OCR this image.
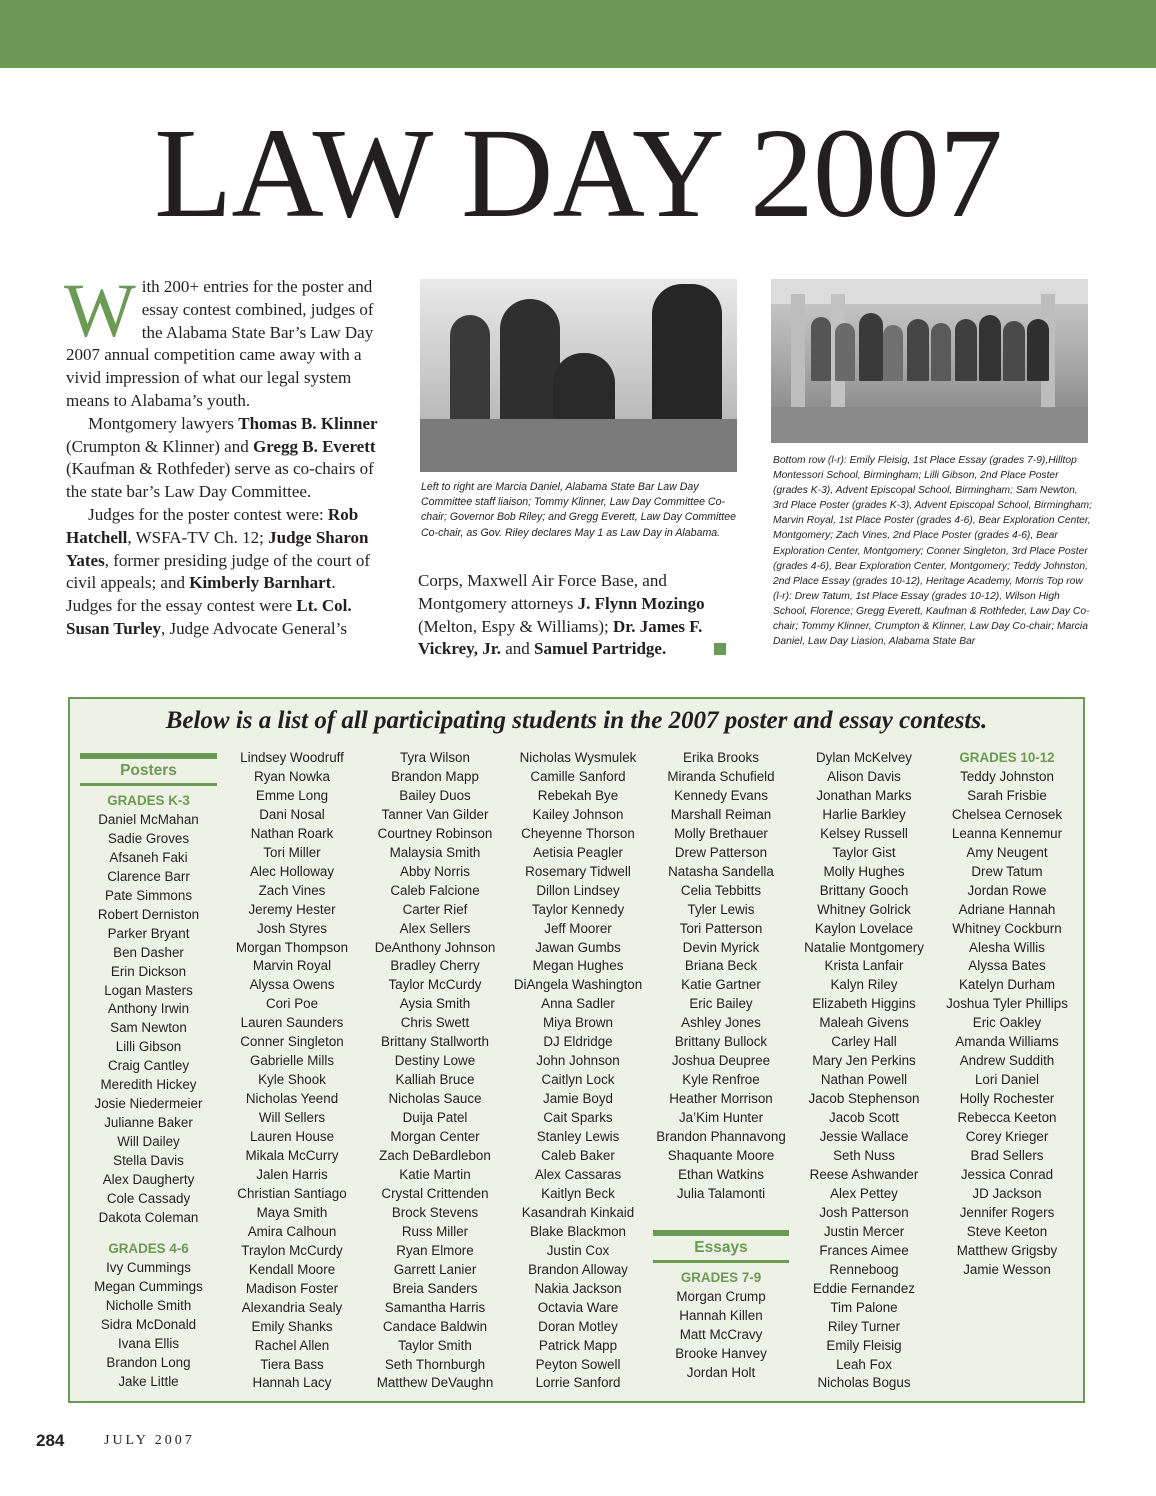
LAW DAY 2007

With 200+ entries for the poster and essay contest combined, judges of the Alabama State Bar’s Law Day 2007 annual competition came away with a vivid impression of what our legal system means to Alabama’s youth.

Montgomery lawyers Thomas B. Klinner (Crumpton & Klinner) and Gregg B. Everett (Kaufman & Rothfeder) serve as co-chairs of the state bar’s Law Day Committee.

Judges for the poster contest were: Rob Hatchell, WSFA-TV Ch. 12; Judge Sharon Yates, former presiding judge of the court of civil appeals; and Kimberly Barnhart. Judges for the essay contest were Lt. Col. Susan Turley, Judge Advocate General’s

Left to right are Marcia Daniel, Alabama State Bar Law Day Committee staff liaison; Tommy Klinner, Law Day Committee Co-chair; Governor Bob Riley; and Gregg Everett, Law Day Committee Co-chair, as Gov. Riley declares May 1 as Law Day in Alabama.
Bottom row (l-r): Emily Fleisig, 1st Place Essay (grades 7-9),Hilltop Montessori School, Birmingham; Lilli Gibson, 2nd Place Poster (grades K-3), Advent Episcopal School, Birmingham; Sam Newton, 3rd Place Poster (grades K-3), Advent Episcopal School, Birmingham; Marvin Royal, 1st Place Poster (grades 4-6), Bear Exploration Center, Montgomery; Zach Vines, 2nd Place Poster (grades 4-6), Bear Exploration Center, Montgomery; Conner Singleton, 3rd Place Poster (grades 4-6), Bear Exploration Center, Montgomery; Teddy Johnston, 2nd Place Essay (grades 10-12), Heritage Academy, Morris Top row (l-r): Drew Tatum, 1st Place Essay (grades 10-12), Wilson High School, Florence; Gregg Everett, Kaufman & Rothfeder, Law Day Co-chair; Tommy Klinner, Crumpton & Klinner, Law Day Co-chair; Marcia Daniel, Law Day Liasion, Alabama State Bar

Corps, Maxwell Air Force Base, and Montgomery attorneys J. Flynn Mozingo (Melton, Espy & Williams); Dr. James F. Vickrey, Jr. and Samuel Partridge.

Below is a list of all participating students in the 2007 poster and essay contests.
Posters
GRADES K-3
Daniel McMahan
Sadie Groves
Afsaneh Faki
Clarence Barr
Pate Simmons
Robert Derniston
Parker Bryant
Ben Dasher
Erin Dickson
Logan Masters
Anthony Irwin
Sam Newton
Lilli Gibson
Craig Cantley
Meredith Hickey
Josie Niedermeier
Julianne Baker
Will Dailey
Stella Davis
Alex Daugherty
Cole Cassady
Dakota Coleman
GRADES 4-6
Ivy Cummings
Megan Cummings
Nicholle Smith
Sidra McDonald
Ivana Ellis
Brandon Long
Jake Little
Lindsey Woodruff
Ryan Nowka
Emme Long
Dani Nosal
Nathan Roark
Tori Miller
Alec Holloway
Zach Vines
Jeremy Hester
Josh Styres
Morgan Thompson
Marvin Royal
Alyssa Owens
Cori Poe
Lauren Saunders
Conner Singleton
Gabrielle Mills
Kyle Shook
Nicholas Yeend
Will Sellers
Lauren House
Mikala McCurry
Jalen Harris
Christian Santiago
Maya Smith
Amira Calhoun
Traylon McCurdy
Kendall Moore
Madison Foster
Alexandria Sealy
Emily Shanks
Rachel Allen
Tiera Bass
Hannah Lacy
Tyra Wilson
Brandon Mapp
Bailey Duos
Tanner Van Gilder
Courtney Robinson
Malaysia Smith
Abby Norris
Caleb Falcione
Carter Rief
Alex Sellers
DeAnthony Johnson
Bradley Cherry
Taylor McCurdy
Aysia Smith
Chris Swett
Brittany Stallworth
Destiny Lowe
Kalliah Bruce
Nicholas Sauce
Duija Patel
Morgan Center
Zach DeBardlebon
Katie Martin
Crystal Crittenden
Brock Stevens
Russ Miller
Ryan Elmore
Garrett Lanier
Breia Sanders
Samantha Harris
Candace Baldwin
Taylor Smith
Seth Thornburgh
Matthew DeVaughn
Nicholas Wysmulek
Camille Sanford
Rebekah Bye
Kailey Johnson
Cheyenne Thorson
Aetisia Peagler
Rosemary Tidwell
Dillon Lindsey
Taylor Kennedy
Jeff Moorer
Jawan Gumbs
Megan Hughes
DiAngela Washington
Anna Sadler
Miya Brown
DJ Eldridge
John Johnson
Caitlyn Lock
Jamie Boyd
Cait Sparks
Stanley Lewis
Caleb Baker
Alex Cassaras
Kaitlyn Beck
Kasandrah Kinkaid
Blake Blackmon
Justin Cox
Brandon Alloway
Nakia Jackson
Octavia Ware
Doran Motley
Patrick Mapp
Peyton Sowell
Lorrie Sanford
Erika Brooks
Miranda Schufield
Kennedy Evans
Marshall Reiman
Molly Brethauer
Drew Patterson
Natasha Sandella
Celia Tebbitts
Tyler Lewis
Tori Patterson
Devin Myrick
Briana Beck
Katie Gartner
Eric Bailey
Ashley Jones
Brittany Bullock
Joshua Deupree
Kyle Renfroe
Heather Morrison
Ja’Kim Hunter
Brandon Phannavong
Shaquante Moore
Ethan Watkins
Julia Talamonti
Essays
GRADES 7-9
Morgan Crump
Hannah Killen
Matt McCravy
Brooke Hanvey
Jordan Holt
Dylan McKelvey
Alison Davis
Jonathan Marks
Harlie Barkley
Kelsey Russell
Taylor Gist
Molly Hughes
Brittany Gooch
Whitney Golrick
Kaylon Lovelace
Natalie Montgomery
Krista Lanfair
Kalyn Riley
Elizabeth Higgins
Maleah Givens
Carley Hall
Mary Jen Perkins
Nathan Powell
Jacob Stephenson
Jacob Scott
Jessie Wallace
Seth Nuss
Reese Ashwander
Alex Pettey
Josh Patterson
Justin Mercer
Frances Aimee
Renneboog
Eddie Fernandez
Tim Palone
Riley Turner
Emily Fleisig
Leah Fox
Nicholas Bogus
GRADES 10-12
Teddy Johnston
Sarah Frisbie
Chelsea Cernosek
Leanna Kennemur
Amy Neugent
Drew Tatum
Jordan Rowe
Adriane Hannah
Whitney Cockburn
Alesha Willis
Alyssa Bates
Katelyn Durham
Joshua Tyler Phillips
Eric Oakley
Amanda Williams
Andrew Suddith
Lori Daniel
Holly Rochester
Rebecca Keeton
Corey Krieger
Brad Sellers
Jessica Conrad
JD Jackson
Jennifer Rogers
Steve Keeton
Matthew Grigsby
Jamie Wesson
284	JULY 2007
